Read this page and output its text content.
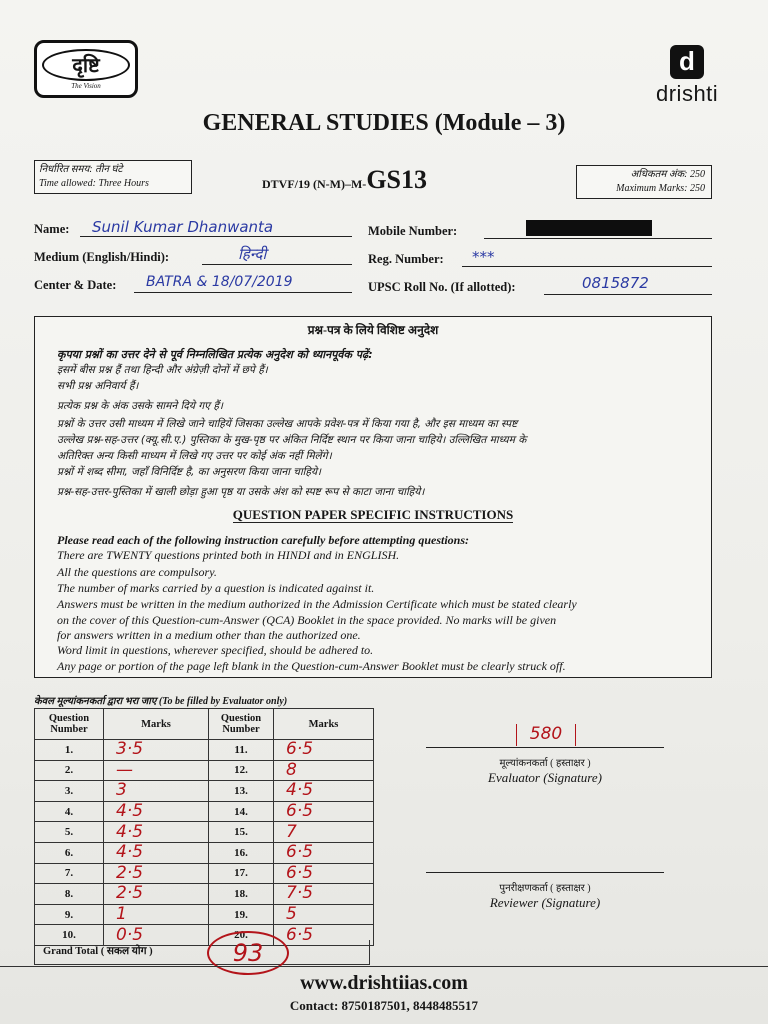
दृष्टि
The Vision
d
drishti
GENERAL STUDIES (Module – 3)
निर्धारित समय: तीन घंटे
Time allowed: Three Hours	DTVF/19 (N-M)–M-GS13	अधिकतम अंक: 250
Maximum Marks: 250
Name: Sunil Kumar Dhanwanta	Mobile Number:
Medium (English/Hindi):	हिन्दी	Reg. Number: ***
Center & Date: BATRA & 18/07/2019	UPSC Roll No. (If allotted):	0815872
प्रश्न-पत्र के लिये विशिष्ट अनुदेश
कृपया प्रश्नों का उत्तर देने से पूर्व निम्नलिखित प्रत्येक अनुदेश को ध्यानपूर्वक पढ़ें:
इसमें बीस प्रश्न हैं तथा हिन्दी और अंग्रेज़ी दोनों में छपे हैं।
सभी प्रश्न अनिवार्य हैं।
प्रत्येक प्रश्न के अंक उसके सामने दिये गए हैं।
प्रश्नों के उत्तर उसी माध्यम में लिखे जाने चाहियें जिसका उल्लेख आपके प्रवेश-पत्र में किया गया है, और इस माध्यम का स्पष्ट
उल्लेख प्रश्न-सह-उत्तर (क्यू.सी.ए.) पुस्तिका के मुख-पृष्ठ पर अंकित निर्दिष्ट स्थान पर किया जाना चाहिये। उल्लिखित माध्यम के
अतिरिक्त अन्य किसी माध्यम में लिखे गए उत्तर पर कोई अंक नहीं मिलेंगे।
प्रश्नों में शब्द सीमा, जहाँ विनिर्दिष्ट है, का अनुसरण किया जाना चाहिये।
प्रश्न-सह-उत्तर-पुस्तिका में खाली छोड़ा हुआ पृष्ठ या उसके अंश को स्पष्ट रूप से काटा जाना चाहिये।
QUESTION PAPER SPECIFIC INSTRUCTIONS
Please read each of the following instruction carefully before attempting questions:
There are TWENTY questions printed both in HINDI and in ENGLISH.
All the questions are compulsory.
The number of marks carried by a question is indicated against it.
Answers must be written in the medium authorized in the Admission Certificate which must be stated clearly
on the cover of this Question-cum-Answer (QCA) Booklet in the space provided. No marks will be given
for answers written in a medium other than the authorized one.
Word limit in questions, wherever specified, should be adhered to.
Any page or portion of the page left blank in the Question-cum-Answer Booklet must be clearly struck off.
केवल मूल्यांकनकर्ता द्वारा भरा जाए (To be filled by Evaluator only)
Question Number	Marks	Question Number	Marks
1.	3·5	11.	6·5
2.	—	12.	8
3.	3	13.	4·5
4.	4·5	14.	6·5
5.	4·5	15.	7
6.	4·5	16.	6·5
7.	2·5	17.	6·5
8.	2·5	18.	7·5
9.	1	19.	5
10.	0·5	20.	6·5
Grand Total ( सकल योग )	93
580
मूल्यांकनकर्ता ( हस्ताक्षर )
Evaluator (Signature)
पुनरीक्षणकर्ता ( हस्ताक्षर )
Reviewer (Signature)
www.drishtiias.com
Contact: 8750187501, 8448485517
